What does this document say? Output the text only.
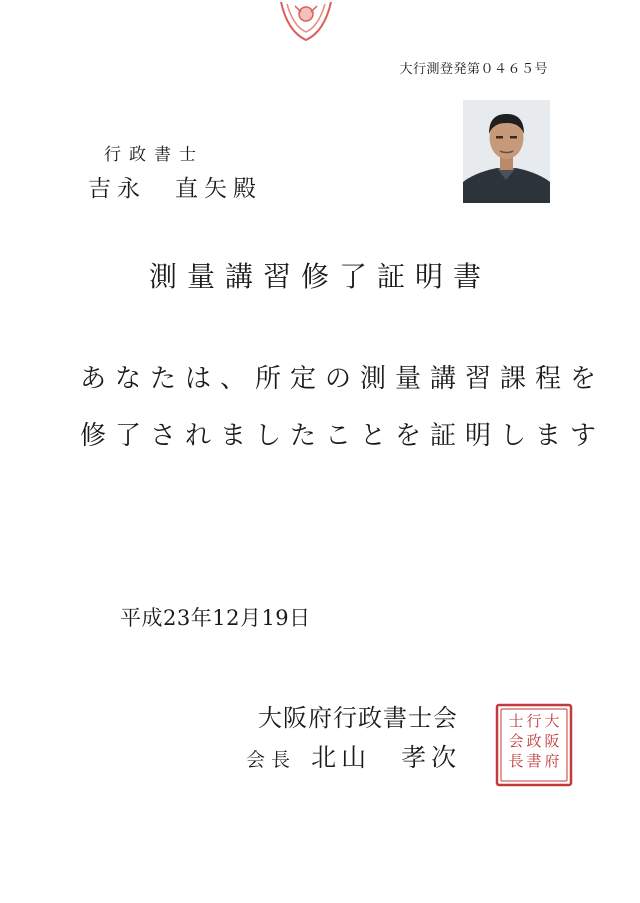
大行測登発第０４６５号
行政書士
吉永　直矢殿
測量講習修了証明書
あなたは、所定の測量講習課程を
修了されましたことを証明します
平成23年12月19日
大阪府行政書士会
会長 北山　孝次
大
阪
府
行
政
書
士
会
長
